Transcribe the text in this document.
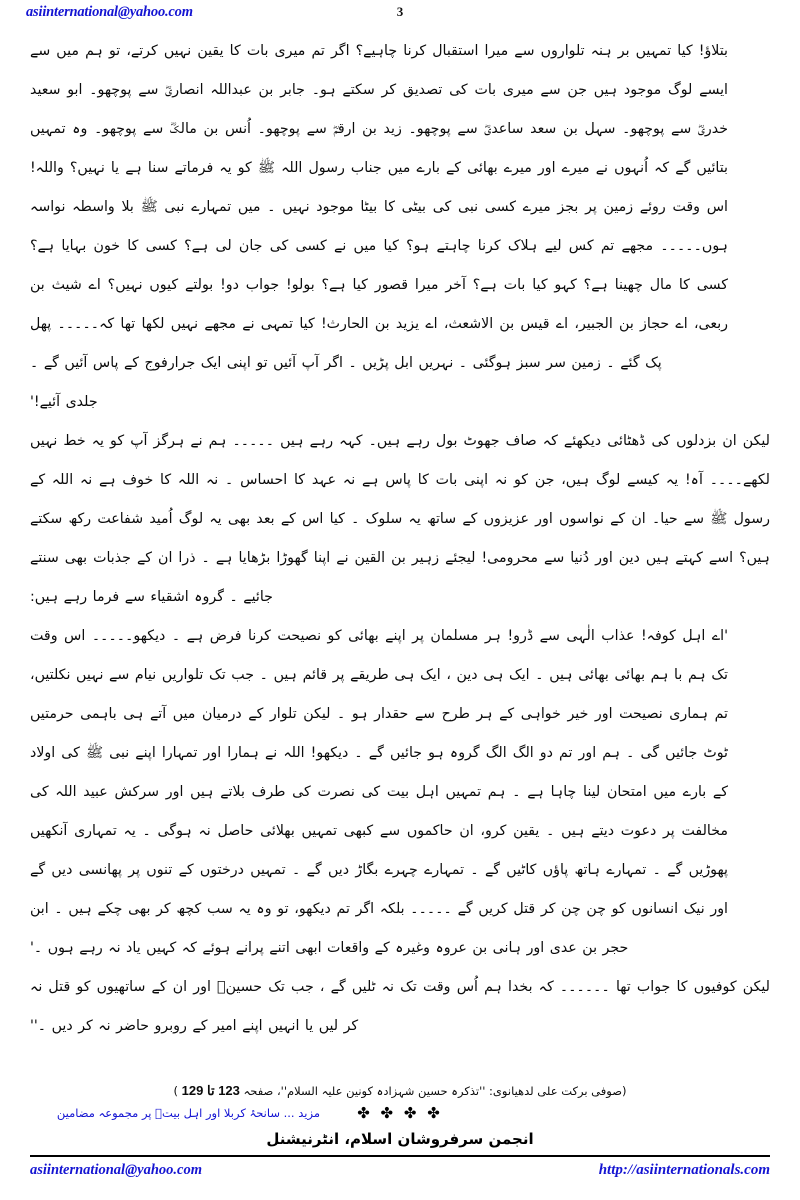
asiinternational@yahoo.com	3

بتلاؤ! کیا تمہیں بر ہنہ تلواروں سے میرا استقبال کرنا چاہیے؟ اگر تم میری بات کا یقین نہیں کرتے، تو ہم میں سے ایسے لوگ موجود ہیں جن سے میری بات کی تصدیق کر سکتے ہو۔ جابر بن عبداللہ انصاریؓ سے پوچھو۔ ابو سعید خدریؓ سے پوچھو۔ سہل بن سعد ساعدیؓ سے پوچھو۔ زید بن ارقمؓ سے پوچھو۔ اُنس بن مالکؓ سے پوچھو۔ وہ تمہیں بتائیں گے کہ اُنہوں نے میرے اور میرے بھائی کے بارے میں جناب رسول اللہ ﷺ کو یہ فرماتے سنا ہے یا نہیں؟ واللہ! اس وقت روئے زمین پر بجز میرے کسی نبی کی بیٹی کا بیٹا موجود نہیں ۔ میں تمہارے نبی ﷺ بلا واسطہ نواسہ ہوں۔۔۔۔۔ مجھے تم کس لیے ہلاک کرنا چاہتے ہو؟ کیا میں نے کسی کی جان لی ہے؟ کسی کا خون بہایا ہے؟ کسی کا مال چھینا ہے؟ کہو کیا بات ہے؟ آخر میرا قصور کیا ہے؟ بولو! جواب دو! بولتے کیوں نہیں؟ اے شیث بن ربعی، اے حجاز بن الجبیر، اے قیس بن الاشعث، اے یزید بن الحارث! کیا تمہی نے مجھے نہیں لکھا تھا کہ۔۔۔۔۔ پھل پک گئے ۔ زمین سر سبز ہوگئی ۔ نہریں ابل پڑیں ۔ اگر آپ آئیں تو اپنی ایک جرارفوج کے پاس آئیں گے ۔
جلدی آئیے!'

لیکن ان بزدلوں کی ڈھٹائی دیکھئے کہ صاف جھوٹ بول رہے ہیں۔ کہہ رہے ہیں ۔۔۔۔۔ ہم نے ہرگز آپ کو یہ خط نہیں لکھے۔۔۔۔ آہ! یہ کیسے لوگ ہیں، جن کو نہ اپنی بات کا پاس ہے نہ عہد کا احساس ۔ نہ اللہ کا خوف ہے نہ اللہ کے رسول ﷺ سے حیا۔ ان کے نواسوں اور عزیزوں کے ساتھ یہ سلوک ۔ کیا اس کے بعد بھی یہ لوگ اُمید شفاعت رکھ سکتے ہیں؟ اسے کہتے ہیں دین اور دُنیا سے محرومی! لیجئے زہیر بن القین نے اپنا گھوڑا بڑھایا ہے ۔ ذرا ان کے جذبات بھی سنتے جائیے ۔ گروہ اشقیاء سے فرما رہے ہیں:

'اے اہل کوفہ! عذاب الٰہی سے ڈرو! ہر مسلمان پر اپنے بھائی کو نصیحت کرنا فرض ہے ۔ دیکھو۔۔۔۔۔ اس وقت تک ہم با ہم بھائی بھائی ہیں ۔ ایک ہی دین ، ایک ہی طریقے پر قائم ہیں ۔ جب تک تلواریں نیام سے نہیں نکلتیں، تم ہماری نصیحت اور خیر خواہی کے ہر طرح سے حقدار ہو ۔ لیکن تلوار کے درمیان میں آتے ہی باہمی حرمتیں ٹوٹ جائیں گی ۔ ہم اور تم دو الگ الگ گروہ ہو جائیں گے ۔ دیکھو! اللہ نے ہمارا اور تمہارا اپنے نبی ﷺ کی اولاد کے بارے میں امتحان لینا چاہا ہے ۔ ہم تمہیں اہل بیت کی نصرت کی طرف بلاتے ہیں اور سرکش عبید اللہ کی مخالفت پر دعوت دیتے ہیں ۔ یقین کرو، ان حاکموں سے کبھی تمہیں بھلائی حاصل نہ ہوگی ۔ یہ تمہاری آنکھیں پھوڑیں گے ۔ تمہارے ہاتھ پاؤں کاٹیں گے ۔ تمہارے چہرے بگاڑ دیں گے ۔ تمہیں درختوں کے تنوں پر پھانسی دیں گے اور نیک انسانوں کو چن چن کر قتل کریں گے ۔۔۔۔۔ بلکہ اگر تم دیکھو، تو وہ یہ سب کچھ کر بھی چکے ہیں ۔ ابن حجر بن عدی اور ہانی بن عروہ وغیرہ کے واقعات ابھی اتنے پرانے ہوئے کہ کہیں یاد نہ رہے ہوں ۔'

لیکن کوفیوں کا جواب تھا ۔۔۔۔۔۔ کہ بخدا ہم اُس وقت تک نہ ٹلیں گے ، جب تک حسینؑ اور ان کے ساتھیوں کو قتل نہ کر لیں یا انہیں اپنے امیر کے روبرو حاضر نہ کر دیں ۔''

(صوفی برکت علی لدھیانوی: ''تذکرہ حسین شہزادہ کونین علیہ السلام''، صفحہ 123 تا 129 )
✤ ✤ ✤ ✤
مزید ... سانحۂ کربلا اور اہل بیتؑ پر مجموعہ مضامین
انجمن سرفروشان اسلام، انٹرنیشنل
asiinternational@yahoo.com	http://asiinternationals.com
